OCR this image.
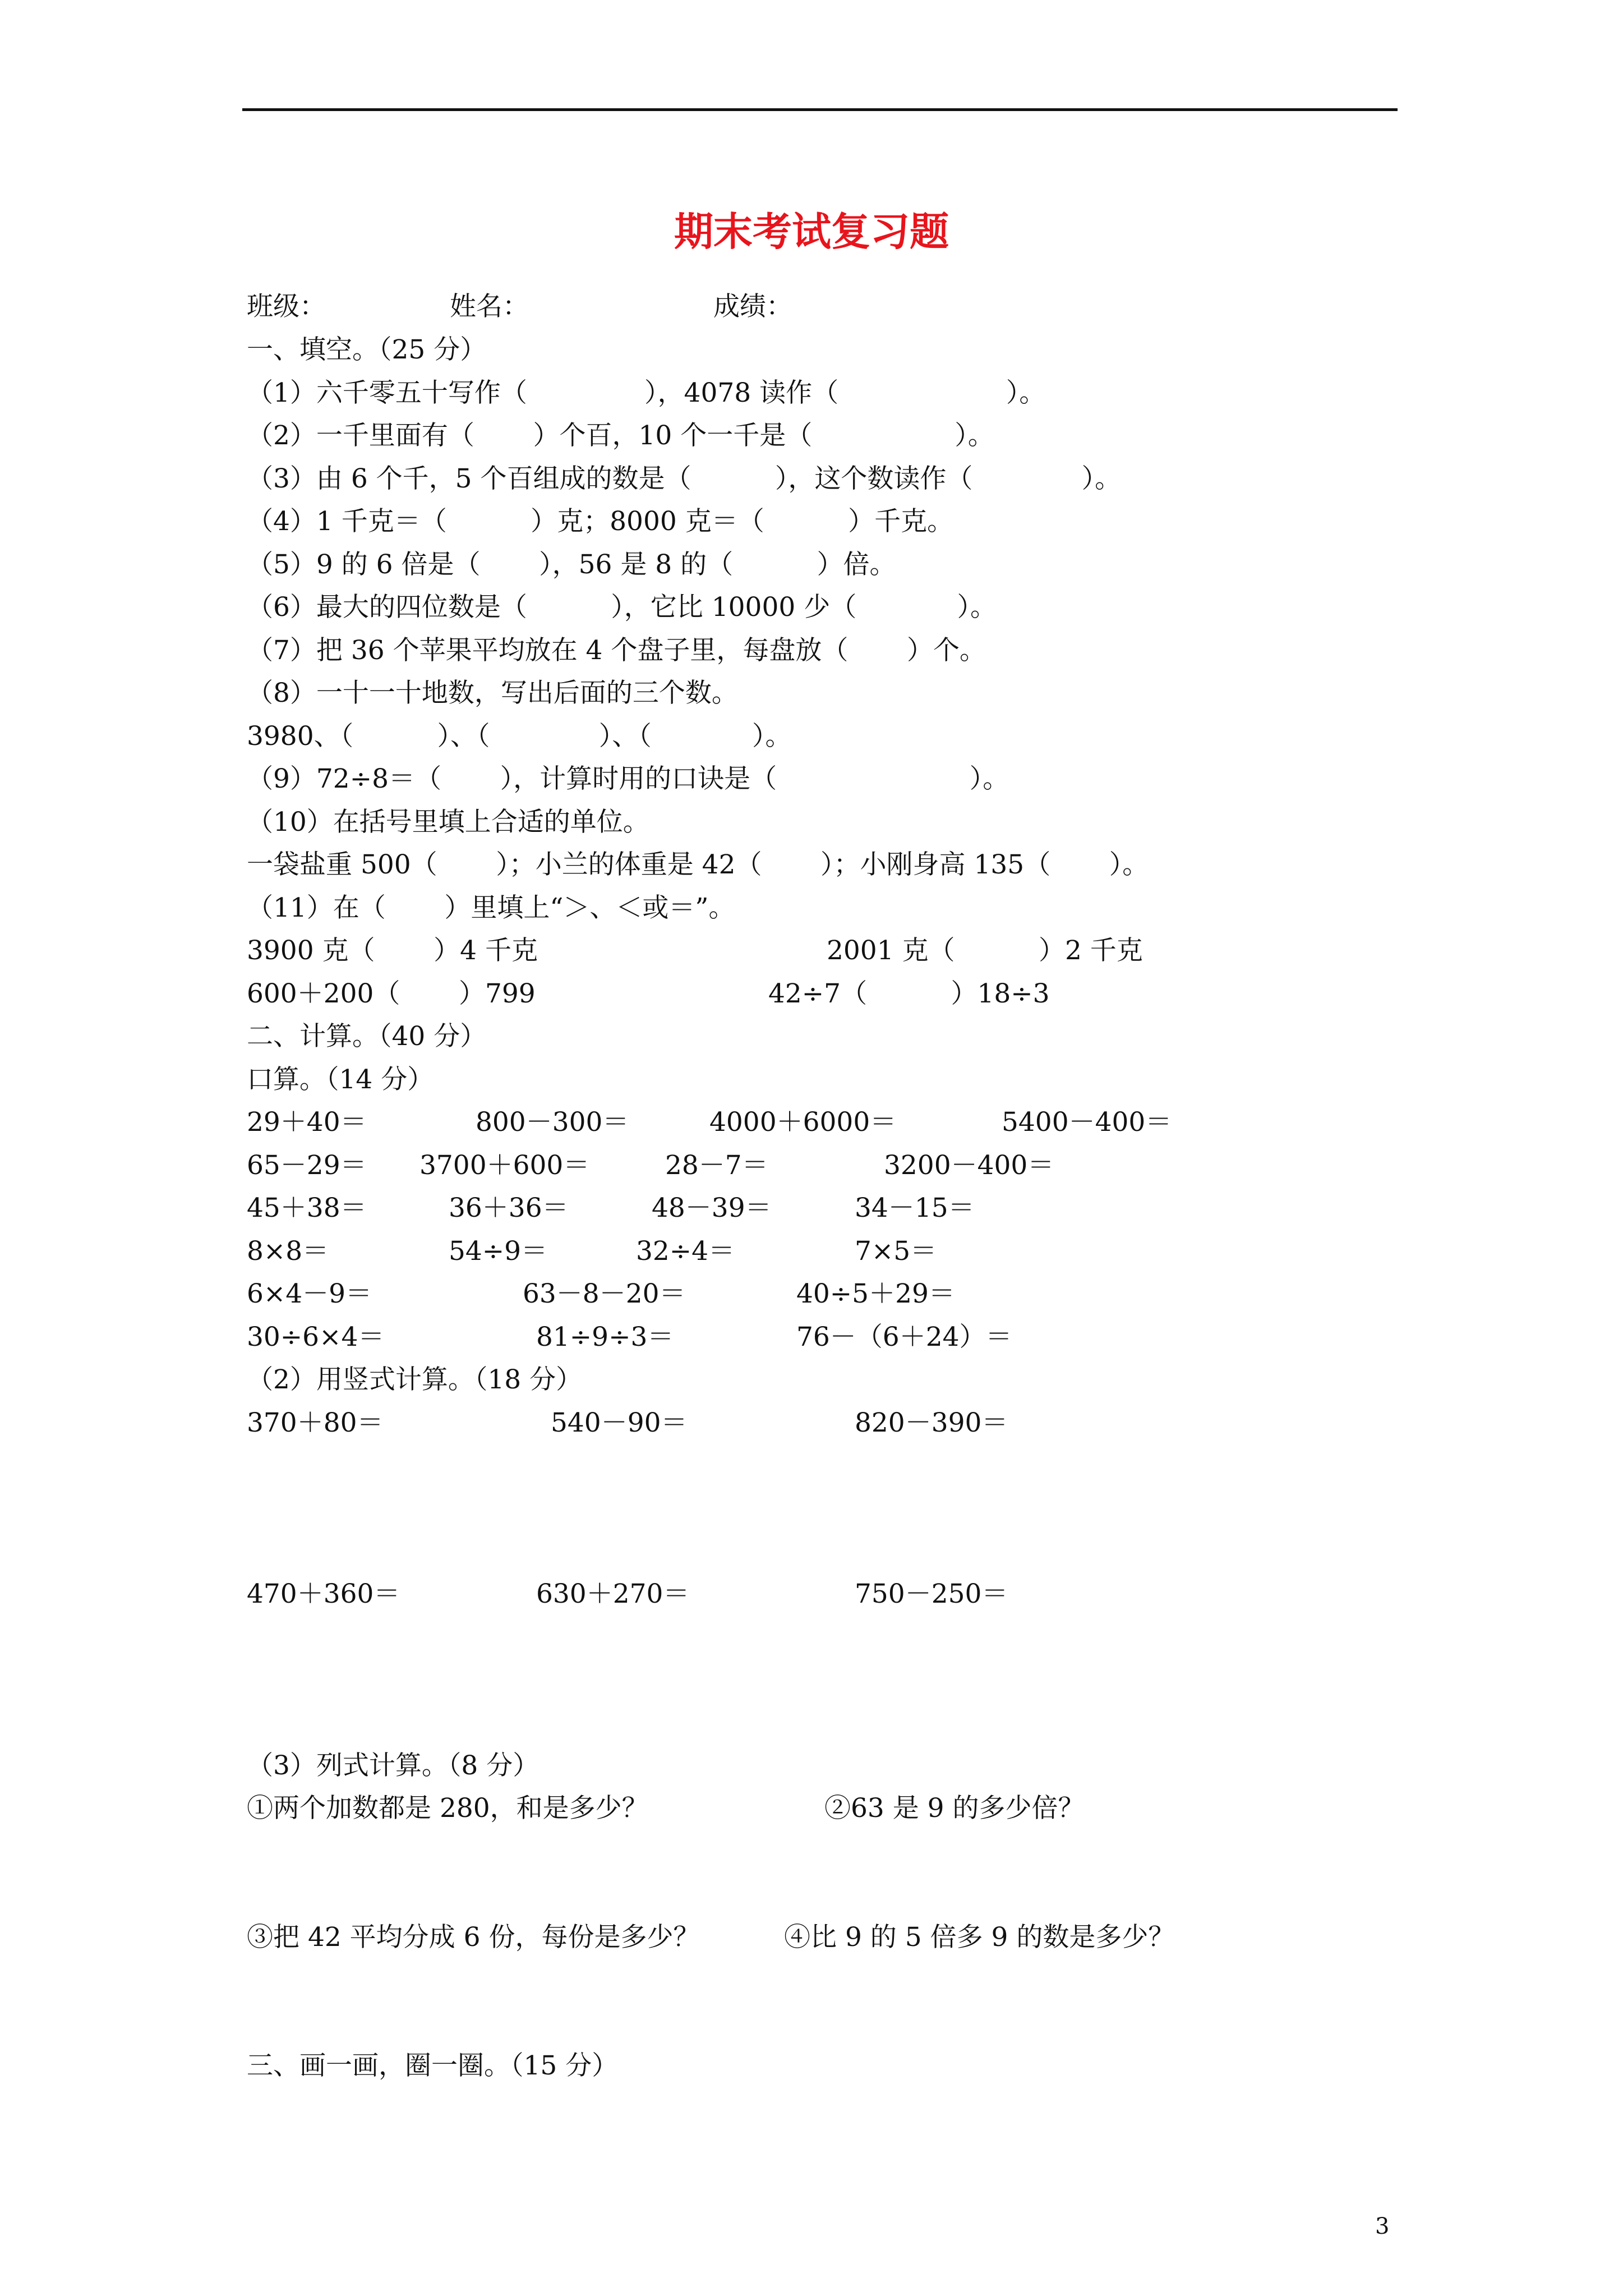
期末考试复习题
班级：	姓名：	成绩：
一、填空。（25 分）
（1）六千零五十写作（              ），4078 读作（                    ）。
（2）一千里面有（       ）个百，10 个一千是（                 ）。
（3）由 6 个千，5 个百组成的数是（          ），这个数读作（             ）。
（4）1 千克＝（          ）克；8000 克＝（          ）千克。
（5）9 的 6 倍是（       ），56 是 8 的（          ）倍。
（6）最大的四位数是（          ），它比 10000 少（            ）。
（7）把 36 个苹果平均放在 4 个盘子里，每盘放（       ）个。
（8）一十一十地数，写出后面的三个数。
3980、（          ）、（             ）、（            ）。
（9）72÷8＝（       ），计算时用的口诀是（                       ）。
（10）在括号里填上合适的单位。
一袋盐重 500（       ）；小兰的体重是 42（       ）；小刚身高 135（       ）。
（11）在（       ）里填上“＞、＜或＝”。
3900 克（       ）4 千克	2001 克（          ）2 千克
600＋200（       ）799	42÷7（          ）18÷3
二、计算。（40 分）
口算。（14 分）
29＋40＝	800－300＝	4000＋6000＝	5400－400＝
65－29＝ 3700＋600＝	28－7＝	3200－400＝
45＋38＝	36＋36＝	48－39＝	34－15＝
8×8＝	54÷9＝	32÷4＝	7×5＝
6×4－9＝	63－8－20＝	40÷5＋29＝
30÷6×4＝	81÷9÷3＝	76－（6＋24）＝
（2）用竖式计算。（18 分）
370＋80＝	540－90＝	820－390＝
470＋360＝	630＋270＝	750－250＝
（3）列式计算。（8 分）
①两个加数都是 280，和是多少？	②63 是 9 的多少倍？
③把 42 平均分成 6 份，每份是多少？	④比 9 的 5 倍多 9 的数是多少？
三、画一画，圈一圈。（15 分）
3
